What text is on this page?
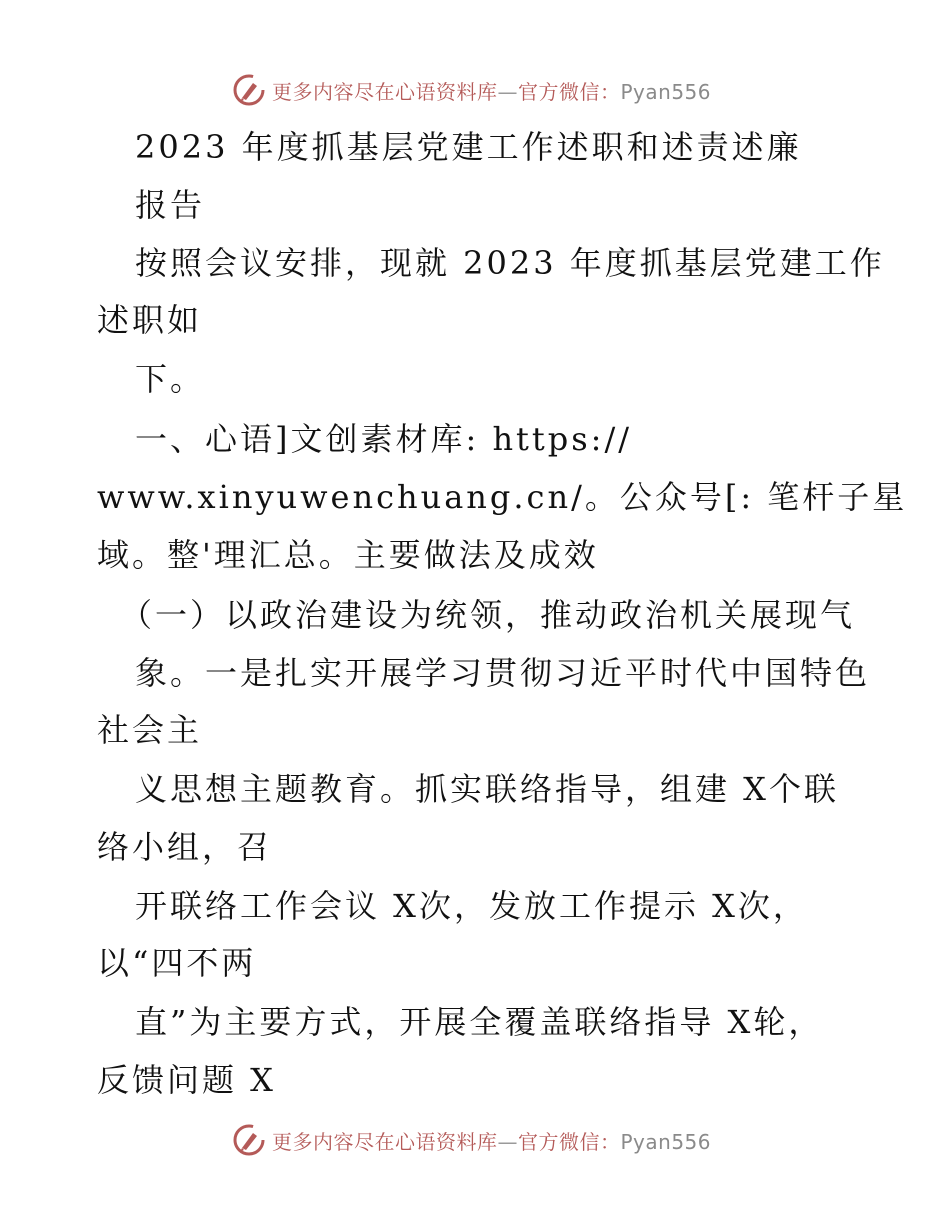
更多内容尽在心语资料库—官方微信：Pyan556

2023 年度抓基层党建工作述职和述责述廉

报告

按照会议安排，现就 2023 年度抓基层党建工作

述职如

下。

一、心语]文创素材库: https://

www.xinyuwenchuang.cn/。公众号[: 笔杆子星

域。整'理汇总。主要做法及成效

（一）以政治建设为统领，推动政治机关展现气

象。一是扎实开展学习贯彻习近平时代中国特色

社会主

义思想主题教育。抓实联络指导，组建 X个联

络小组，召

开联络工作会议 X次，发放工作提示 X次，

以“四不两

直”为主要方式，开展全覆盖联络指导 X轮，

反馈问题 X

更多内容尽在心语资料库—官方微信：Pyan556
